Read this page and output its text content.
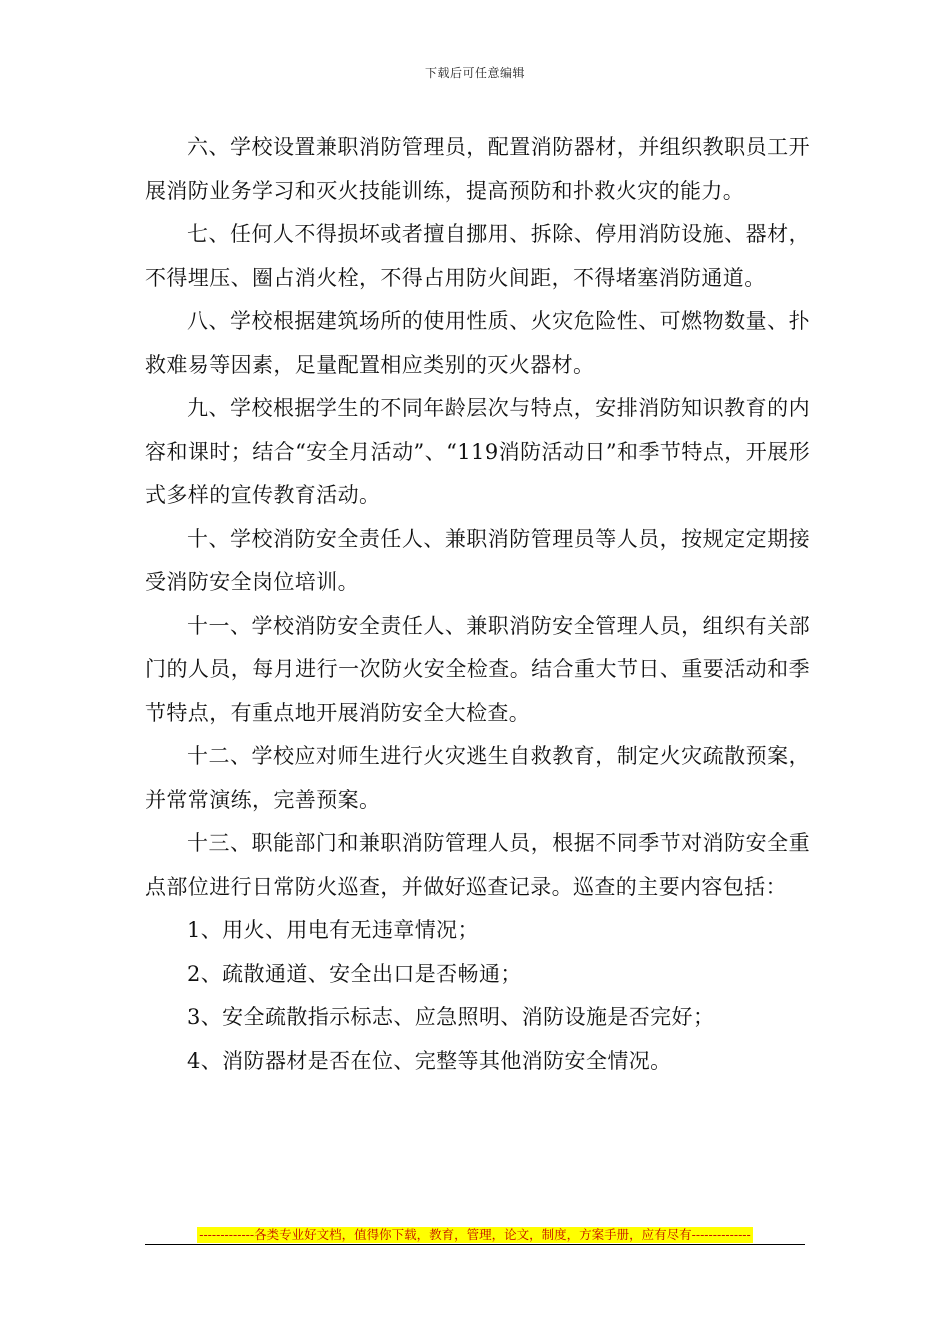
下载后可任意编辑

六、学校设置兼职消防管理员，配置消防器材，并组织教职员工开展消防业务学习和灭火技能训练，提高预防和扑救火灾的能力。

七、任何人不得损坏或者擅自挪用、拆除、停用消防设施、器材，不得埋压、圈占消火栓，不得占用防火间距，不得堵塞消防通道。

八、学校根据建筑场所的使用性质、火灾危险性、可燃物数量、扑救难易等因素，足量配置相应类别的灭火器材。

九、学校根据学生的不同年龄层次与特点，安排消防知识教育的内容和课时；结合“安全月活动”、“119消防活动日”和季节特点，开展形式多样的宣传教育活动。

十、学校消防安全责任人、兼职消防管理员等人员，按规定定期接受消防安全岗位培训。

十一、学校消防安全责任人、兼职消防安全管理人员，组织有关部门的人员，每月进行一次防火安全检查。结合重大节日、重要活动和季节特点，有重点地开展消防安全大检查。

十二、学校应对师生进行火灾逃生自救教育，制定火灾疏散预案，并常常演练，完善预案。

十三、职能部门和兼职消防管理人员，根据不同季节对消防安全重点部位进行日常防火巡查，并做好巡查记录。巡查的主要内容包括：

1、用火、用电有无违章情况；

2、疏散通道、安全出口是否畅通；

3、安全疏散指示标志、应急照明、消防设施是否完好；

4、消防器材是否在位、完整等其他消防安全情况。

-------------各类专业好文档，值得你下载，教育，管理，论文，制度，方案手册，应有尽有--------------
